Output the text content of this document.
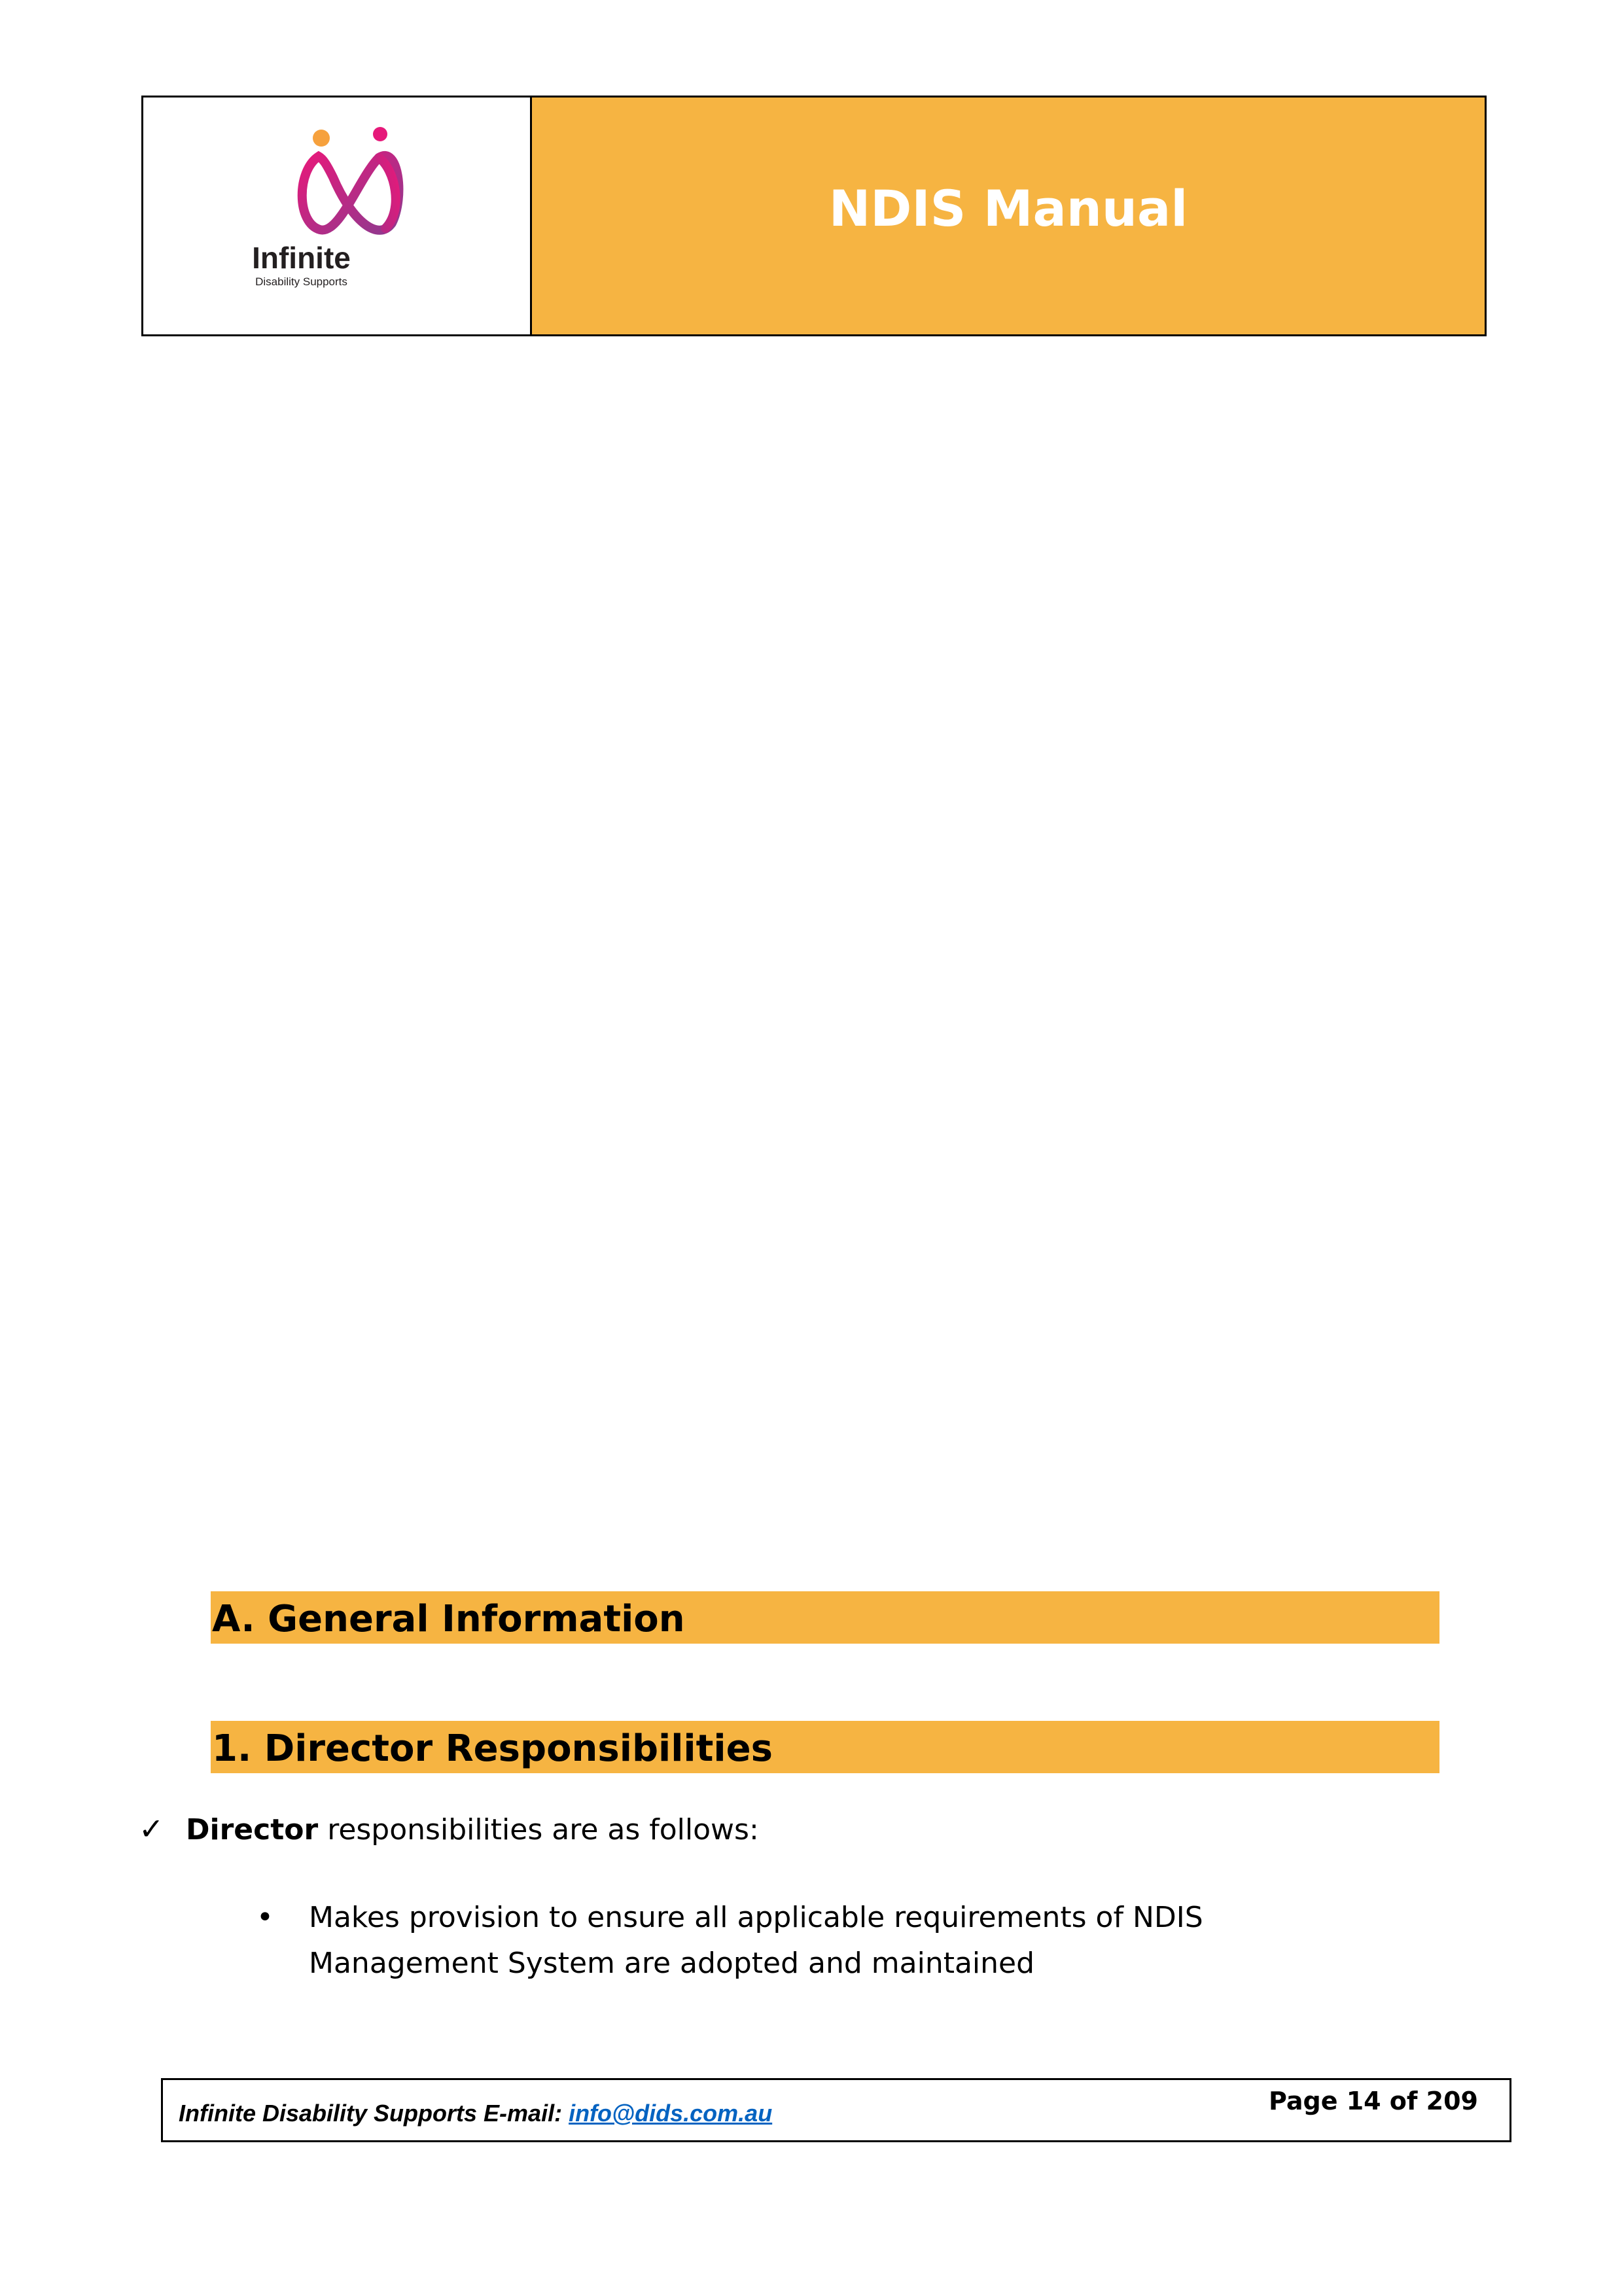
Infinite
Disability Supports
NDIS Manual
A. General Information
1. Director Responsibilities
✓ Director responsibilities are as follows:
• Makes provision to ensure all applicable requirements of NDIS Management System are adopted and maintained
Infinite Disability Supports E-mail: info@dids.com.au	Page 14 of 209
